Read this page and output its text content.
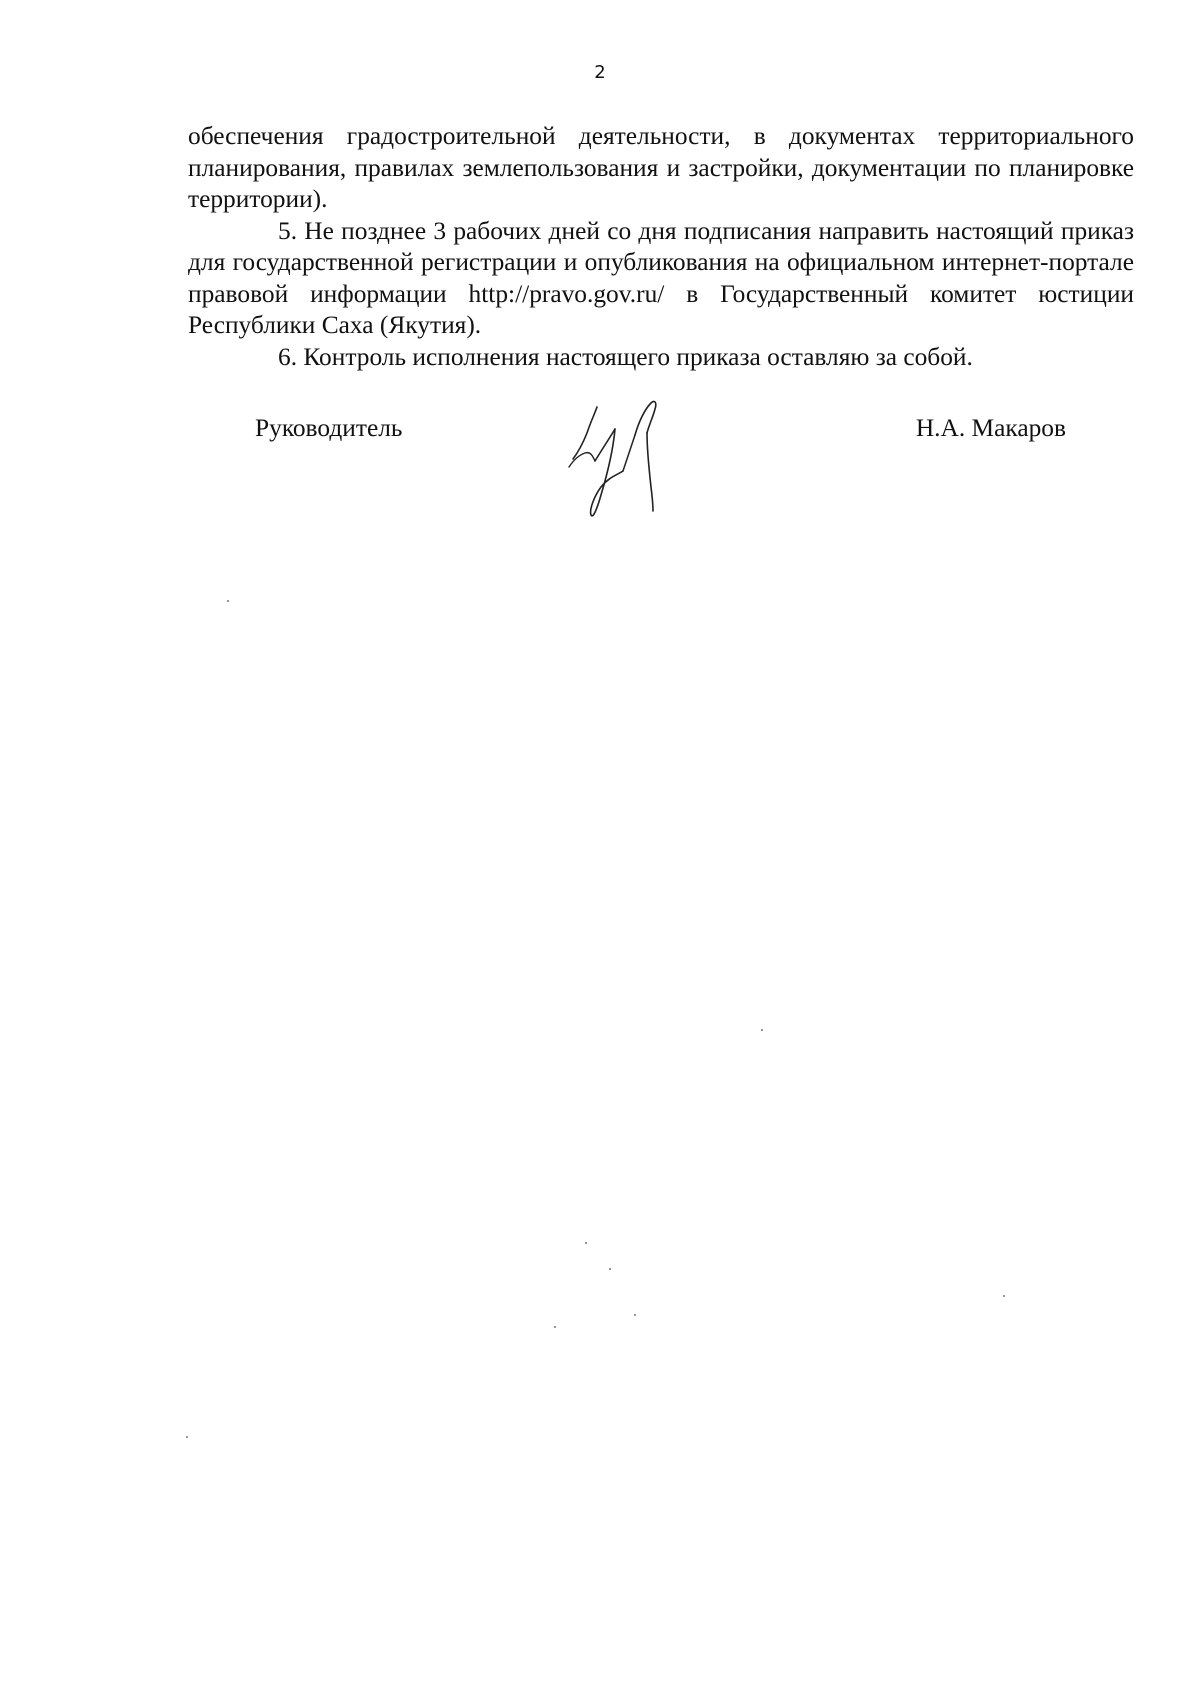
2

обеспечения градостроительной деятельности, в документах территориального планирования, правилах землепользования и застройки, документации по планировке территории).

5. Не позднее 3 рабочих дней со дня подписания направить настоящий приказ для государственной регистрации и опубликования на официальном интернет-портале правовой информации http://pravo.gov.ru/ в Государственный комитет юстиции Республики Саха (Якутия).

6. Контроль исполнения настоящего приказа оставляю за собой.

Руководитель	Н.А. Макаров
